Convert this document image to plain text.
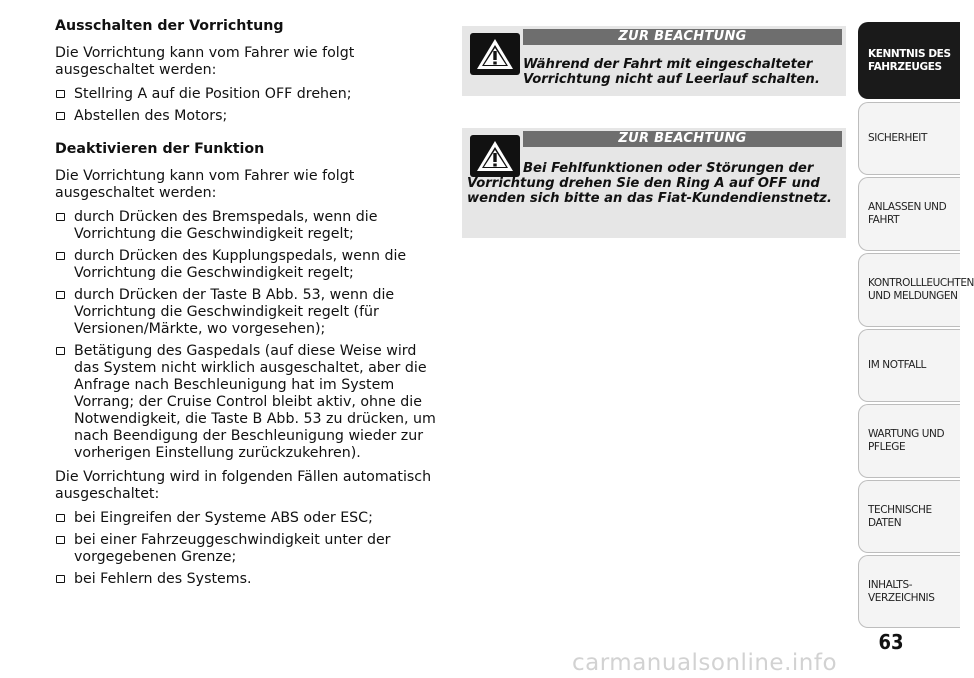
Ausschalten der Vorrichtung

Die Vorrichtung kann vom Fahrer wie folgt ausgeschaltet werden:

Stellring A auf die Position OFF drehen;
Abstellen des Motors;
Deaktivieren der Funktion

Die Vorrichtung kann vom Fahrer wie folgt ausgeschaltet werden:

durch Drücken des Bremspedals, wenn die Vorrichtung die Geschwindigkeit regelt;
durch Drücken des Kupplungspedals, wenn die Vorrichtung die Geschwindigkeit regelt;
durch Drücken der Taste B Abb. 53, wenn die Vorrichtung die Geschwindigkeit regelt (für Versionen/Märkte, wo vorgesehen);
Betätigung des Gaspedals (auf diese Weise wird das System nicht wirklich ausgeschaltet, aber die Anfrage nach Beschleunigung hat im System Vorrang; der Cruise Control bleibt aktiv, ohne die Notwendigkeit, die Taste B Abb. 53 zu drücken, um nach Beendigung der Beschleunigung wieder zur vorherigen Einstellung zurückzukehren).

Die Vorrichtung wird in folgenden Fällen automatisch ausgeschaltet:

bei Eingreifen der Systeme ABS oder ESC;
bei einer Fahrzeuggeschwindigkeit unter der vorgegebenen Grenze;
bei Fehlern des Systems.
ZUR BEACHTUNG
Während der Fahrt mit eingeschalteter Vorrichtung nicht auf Leerlauf schalten.
ZUR BEACHTUNG
Bei Fehlfunktionen oder Störungen der Vorrichtung drehen Sie den Ring A auf OFF und wenden sich bitte an das Fiat-Kundendienstnetz.
KENNTNIS DES
FAHRZEUGES
SICHERHEIT
ANLASSEN UND
FAHRT
KONTROLLLEUCHTEN
UND MELDUNGEN
IM NOTFALL
WARTUNG UND
PFLEGE
TECHNISCHE DATEN
INHALTS-
VERZEICHNIS
63
carmanualsonline.info
